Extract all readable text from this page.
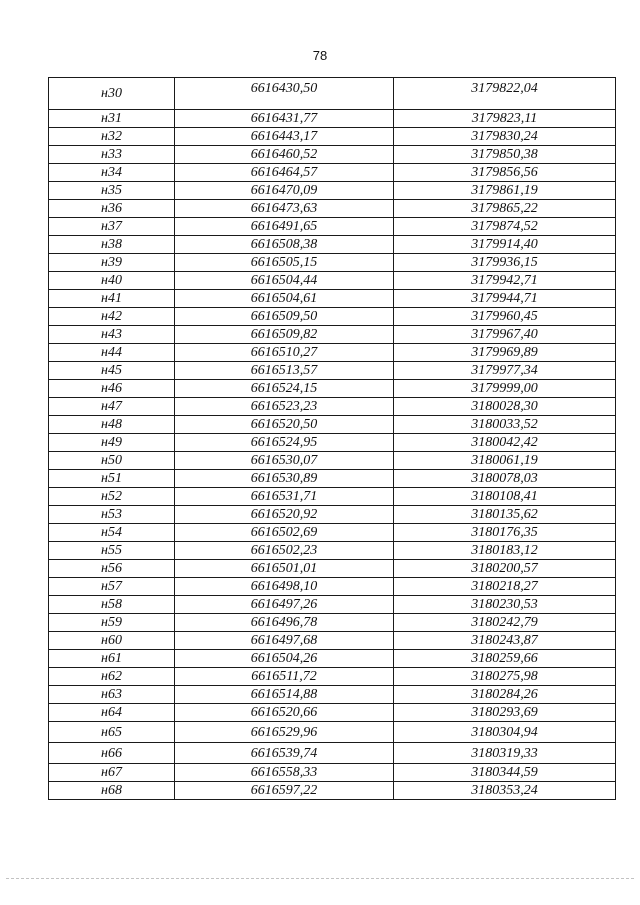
78
н30	6616430,50	3179822,04
н31	6616431,77	3179823,11
н32	6616443,17	3179830,24
н33	6616460,52	3179850,38
н34	6616464,57	3179856,56
н35	6616470,09	3179861,19
н36	6616473,63	3179865,22
н37	6616491,65	3179874,52
н38	6616508,38	3179914,40
н39	6616505,15	3179936,15
н40	6616504,44	3179942,71
н41	6616504,61	3179944,71
н42	6616509,50	3179960,45
н43	6616509,82	3179967,40
н44	6616510,27	3179969,89
н45	6616513,57	3179977,34
н46	6616524,15	3179999,00
н47	6616523,23	3180028,30
н48	6616520,50	3180033,52
н49	6616524,95	3180042,42
н50	6616530,07	3180061,19
н51	6616530,89	3180078,03
н52	6616531,71	3180108,41
н53	6616520,92	3180135,62
н54	6616502,69	3180176,35
н55	6616502,23	3180183,12
н56	6616501,01	3180200,57
н57	6616498,10	3180218,27
н58	6616497,26	3180230,53
н59	6616496,78	3180242,79
н60	6616497,68	3180243,87
н61	6616504,26	3180259,66
н62	6616511,72	3180275,98
н63	6616514,88	3180284,26
н64	6616520,66	3180293,69
н65	6616529,96	3180304,94
н66	6616539,74	3180319,33
н67	6616558,33	3180344,59
н68	6616597,22	3180353,24
